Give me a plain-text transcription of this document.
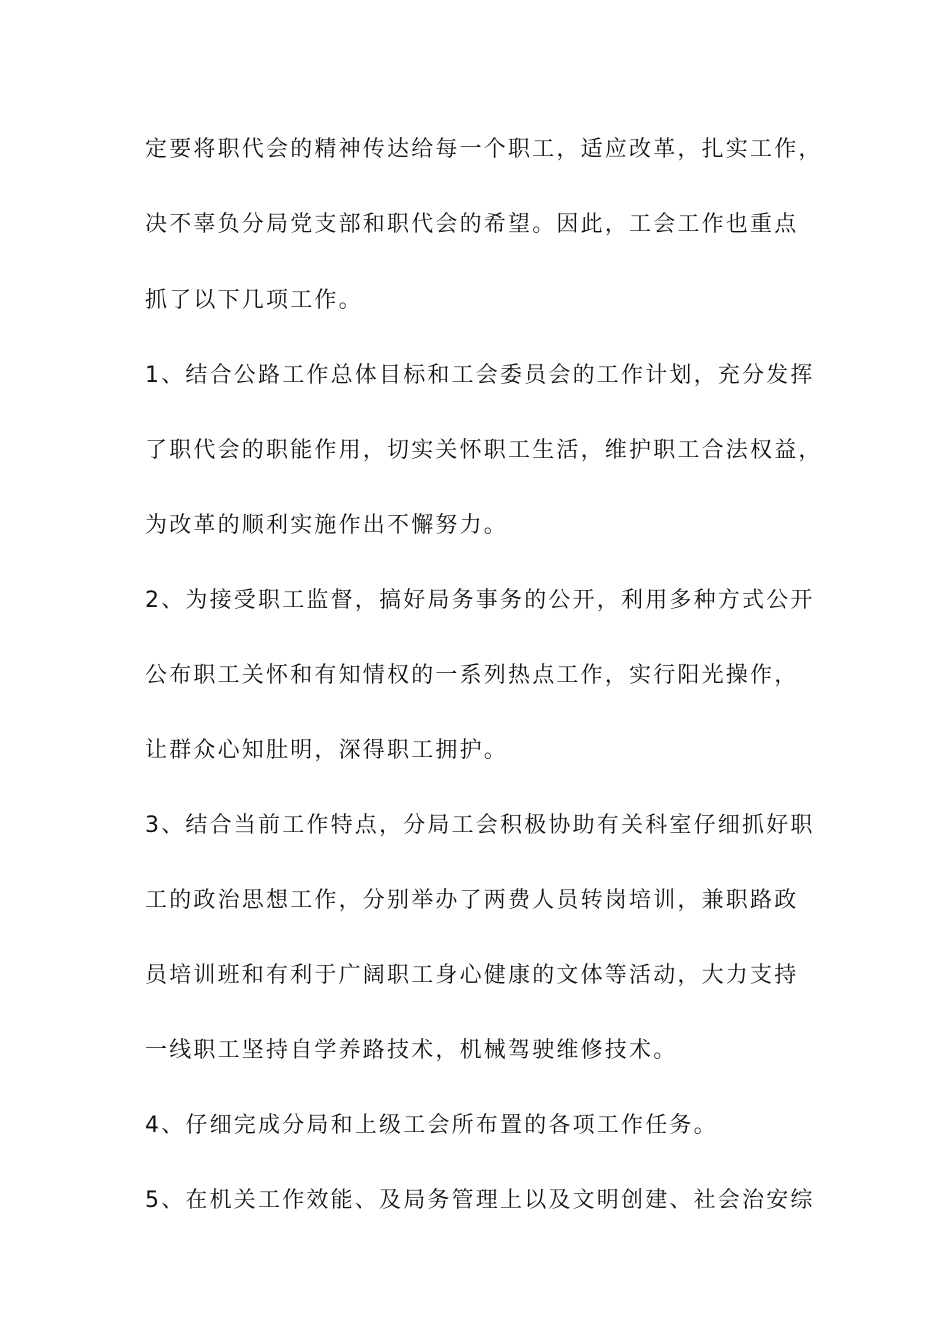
定要将职代会的精神传达给每一个职工，适应改革，扎实工作，
决不辜负分局党支部和职代会的希望。因此，工会工作也重点
抓了以下几项工作。
1、结合公路工作总体目标和工会委员会的工作计划，充分发挥
了职代会的职能作用，切实关怀职工生活，维护职工合法权益，
为改革的顺利实施作出不懈努力。
2、为接受职工监督，搞好局务事务的公开，利用多种方式公开
公布职工关怀和有知情权的一系列热点工作，实行阳光操作，
让群众心知肚明，深得职工拥护。
3、结合当前工作特点，分局工会积极协助有关科室仔细抓好职
工的政治思想工作，分别举办了两费人员转岗培训，兼职路政
员培训班和有利于广阔职工身心健康的文体等活动，大力支持
一线职工坚持自学养路技术，机械驾驶维修技术。
4、仔细完成分局和上级工会所布置的各项工作任务。
5、在机关工作效能、及局务管理上以及文明创建、社会治安综
